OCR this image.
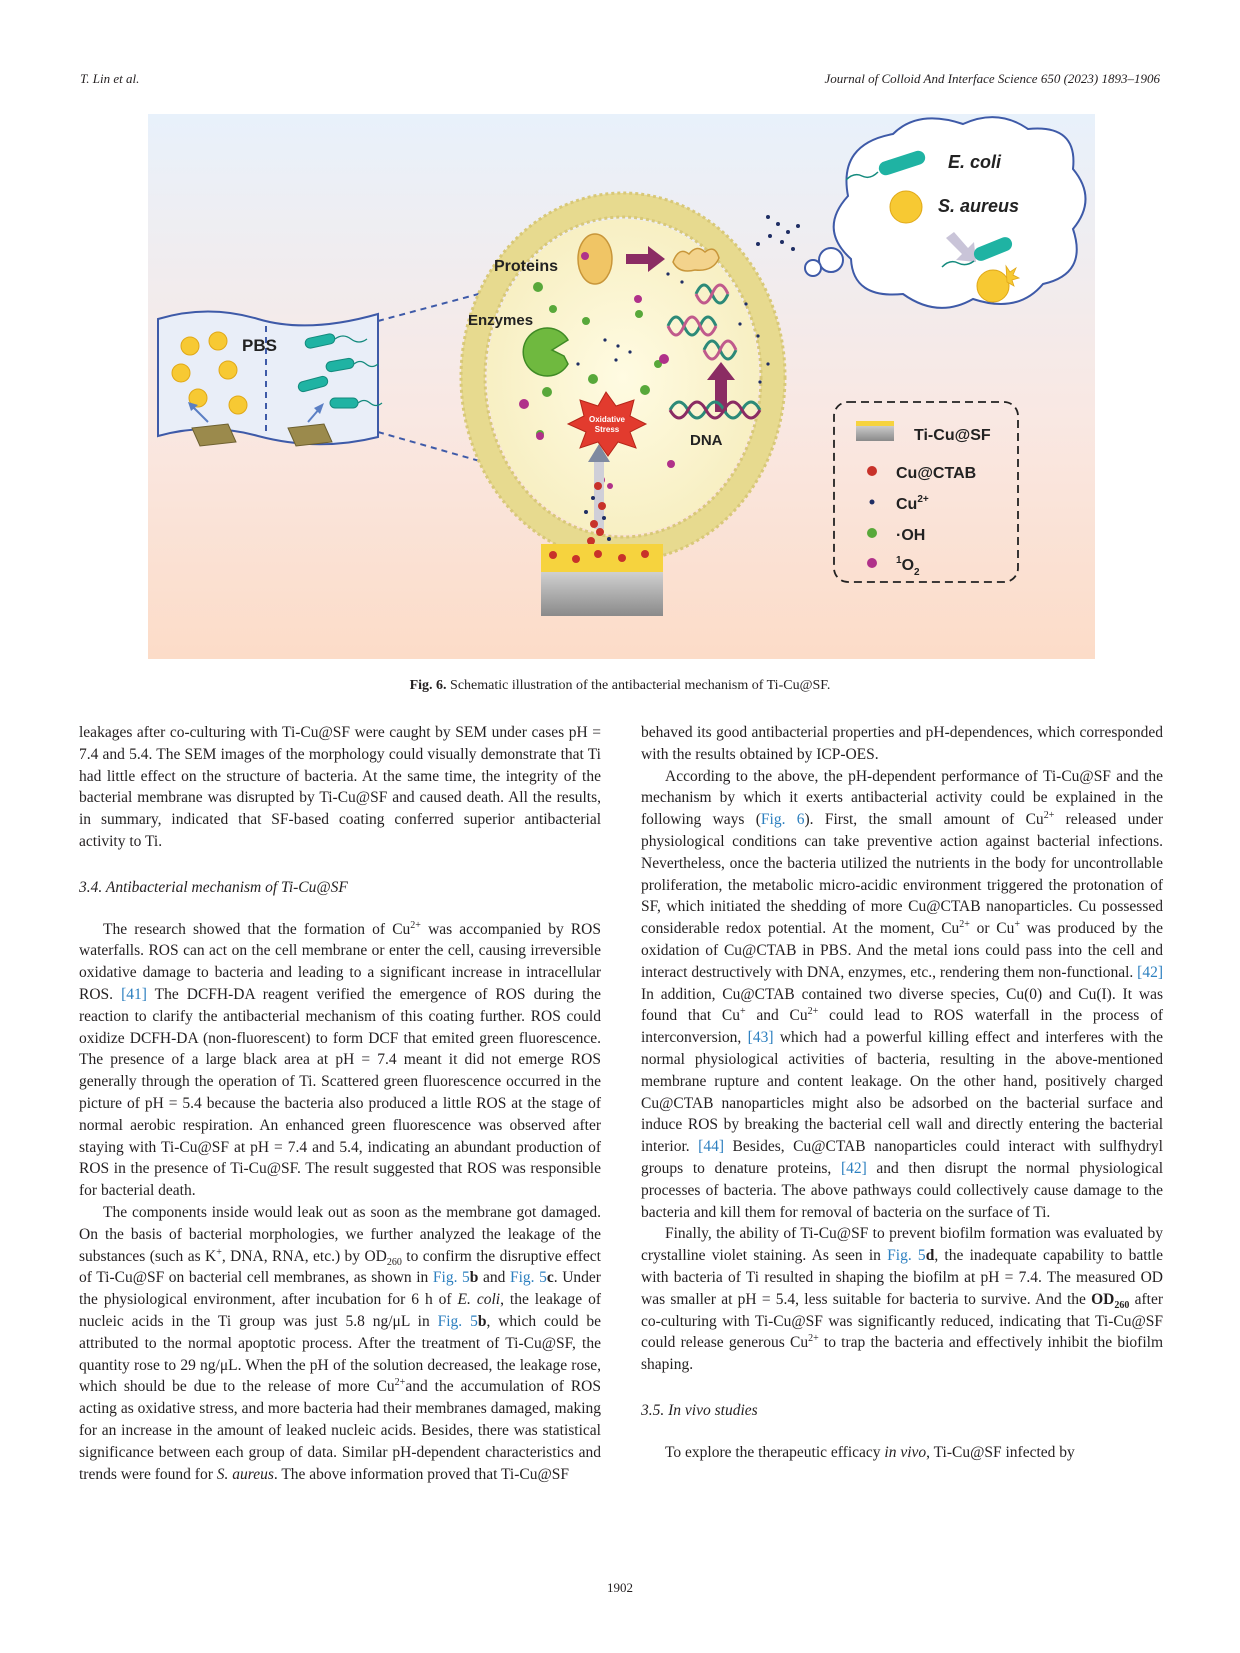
T. Lin et al.	Journal of Colloid And Interface Science 650 (2023) 1893–1906
PBS
Proteins
Enzymes
DNA
Oxidative
Stress
E. coli
S. aureus
Ti-Cu@SF
Cu@CTAB
$Cu^{2+}$
·OH
$^1O_2$
Fig. 6. Schematic illustration of the antibacterial mechanism of Ti-Cu@SF.

leakages after co-culturing with Ti-Cu@SF were caught by SEM under cases pH = 7.4 and 5.4. The SEM images of the morphology could visually demonstrate that Ti had little effect on the structure of bacteria. At the same time, the integrity of the bacterial membrane was disrupted by Ti-Cu@SF and caused death. All the results, in summary, indicated that SF-based coating conferred superior antibacterial activity to Ti.

3.4. Antibacterial mechanism of Ti-Cu@SF

The research showed that the formation of $Cu^{2+}$ was accompanied by ROS waterfalls. ROS can act on the cell membrane or enter the cell, causing irreversible oxidative damage to bacteria and leading to a significant increase in intracellular ROS. [41] The DCFH-DA reagent verified the emergence of ROS during the reaction to clarify the antibacterial mechanism of this coating further. ROS could oxidize DCFH-DA (non-fluorescent) to form DCF that emited green fluorescence. The presence of a large black area at pH = 7.4 meant it did not emerge ROS generally through the operation of Ti. Scattered green fluorescence occurred in the picture of pH = 5.4 because the bacteria also produced a little ROS at the stage of normal aerobic respiration. An enhanced green fluorescence was observed after staying with Ti-Cu@SF at pH = 7.4 and 5.4, indicating an abundant production of ROS in the presence of Ti-Cu@SF. The result suggested that ROS was responsible for bacterial death.

The components inside would leak out as soon as the membrane got damaged. On the basis of bacterial morphologies, we further analyzed the leakage of the substances (such as K+, DNA, RNA, etc.) by $OD_{260}$ to confirm the disruptive effect of Ti-Cu@SF on bacterial cell membranes, as shown in Fig. 5b and Fig. 5c. Under the physiological environment, after incubation for 6 h of E. coli, the leakage of nucleic acids in the Ti group was just 5.8 ng/μL in Fig. 5b, which could be attributed to the normal apoptotic process. After the treatment of Ti-Cu@SF, the quantity rose to 29 ng/μL. When the pH of the solution decreased, the leakage rose, which should be due to the release of more $Cu^{2+}and$ the accumulation of ROS acting as oxidative stress, and more bacteria had their membranes damaged, making for an increase in the amount of leaked nucleic acids. Besides, there was statistical significance between each group of data. Similar pH-dependent characteristics and trends were found for S. aureus. The above information proved that Ti-Cu@SF

behaved its good antibacterial properties and pH-dependences, which corresponded with the results obtained by ICP-OES.

According to the above, the pH-dependent performance of Ti-Cu@SF and the mechanism by which it exerts antibacterial activity could be explained in the following ways (Fig. 6). First, the small amount of $Cu^{2+}$ released under physiological conditions can take preventive action against bacterial infections. Nevertheless, once the bacteria utilized the nutrients in the body for uncontrollable proliferation, the metabolic micro-acidic environment triggered the protonation of SF, which initiated the shedding of more Cu@CTAB nanoparticles. Cu possessed considerable redox potential. At the moment, $Cu^{2+}$ or Cu+ was produced by the oxidation of Cu@CTAB in PBS. And the metal ions could pass into the cell and interact destructively with DNA, enzymes, etc., rendering them non-functional. [42] In addition, Cu@CTAB contained two diverse species, Cu(0) and Cu(I). It was found that Cu+ and $Cu^{2+}$ could lead to ROS waterfall in the process of interconversion, [43] which had a powerful killing effect and interferes with the normal physiological activities of bacteria, resulting in the above-mentioned membrane rupture and content leakage. On the other hand, positively charged Cu@CTAB nanoparticles might also be adsorbed on the bacterial surface and induce ROS by breaking the bacterial cell wall and directly entering the bacterial interior. [44] Besides, Cu@CTAB nanoparticles could interact with sulfhydryl groups to denature proteins, [42] and then disrupt the normal physiological processes of bacteria. The above pathways could collectively cause damage to the bacteria and kill them for removal of bacteria on the surface of Ti.

Finally, the ability of Ti-Cu@SF to prevent biofilm formation was evaluated by crystalline violet staining. As seen in Fig. 5d, the inadequate capability to battle with bacteria of Ti resulted in shaping the biofilm at pH = 7.4. The measured OD was smaller at pH = 5.4, less suitable for bacteria to survive. And the $OD_{260}$ after co-culturing with Ti-Cu@SF was significantly reduced, indicating that Ti-Cu@SF could release generous $Cu^{2+}$ to trap the bacteria and effectively inhibit the biofilm shaping.

3.5. In vivo studies

To explore the therapeutic efficacy in vivo, Ti-Cu@SF infected by

1902
